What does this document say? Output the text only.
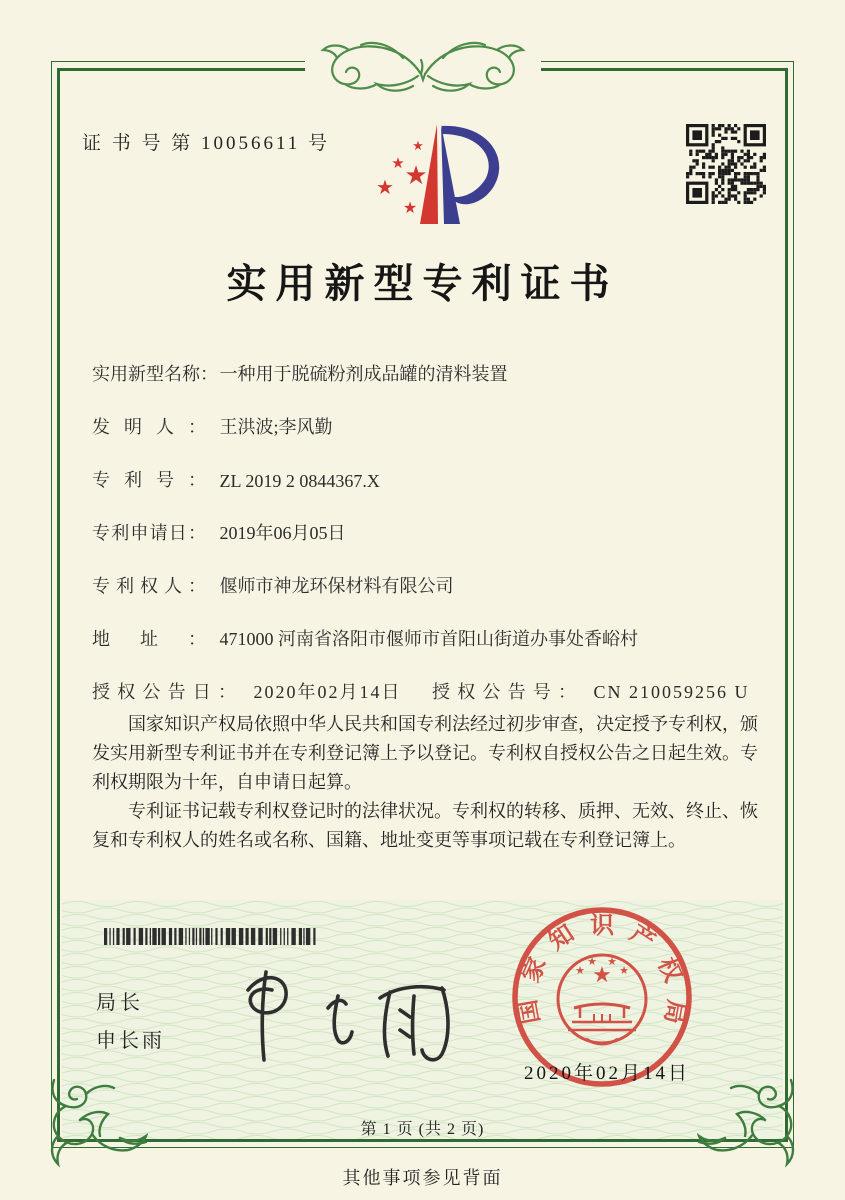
证 书 号 第 10056611 号	★
★ ★
★
★
实用新型专利证书
实用新型名称： 一种用于脱硫粉剂成品罐的清料装置
发明人： 王洪波;李风勤
专利号： ZL 2019 2 0844367.X
专利申请日： 2019年06月05日
专利权人： 偃师市神龙环保材料有限公司
地址： 471000 河南省洛阳市偃师市首阳山街道办事处香峪村
授权公告日： 2020年02月14日 授权公告号： CN 210059256 U

国家知识产权局依照中华人民共和国专利法经过初步审查，决定授予专利权，颁发实用新型专利证书并在专利登记簿上予以登记。专利权自授权公告之日起生效。专利权期限为十年，自申请日起算。

专利证书记载专利权登记时的法律状况。专利权的转移、质押、无效、终止、恢复和专利权人的姓名或名称、国籍、地址变更等事项记载在专利登记簿上。

局长
申长雨
★
★
★ ★
★
国
家
知 识 产
权
局
2020年02月14日
第 1 页 (共 2 页)
其他事项参见背面
